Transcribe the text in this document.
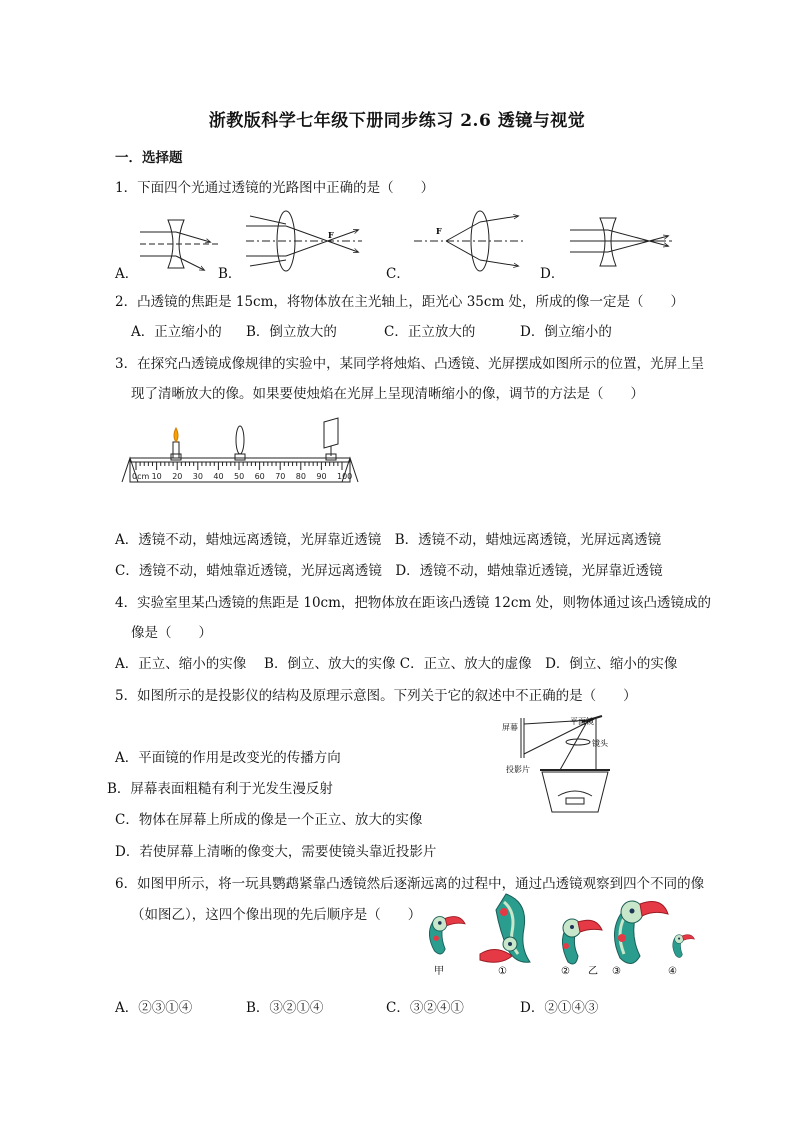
浙教版科学七年级下册同步练习 2.6 透镜与视觉
一．选择题
1．下面四个光通过透镜的光路图中正确的是（　　）
F	F
A．	B．	C．	D．
2．凸透镜的焦距是 15cm，将物体放在主光轴上，距光心 35cm 处，所成的像一定是（　　）
A．正立缩小的 B．倒立放大的	C．正立放大的	D．倒立缩小的
3．在探究凸透镜成像规律的实验中，某同学将烛焰、凸透镜、光屏摆成如图所示的位置，光屏上呈
现了清晰放大的像。如果要使烛焰在光屏上呈现清晰缩小的像，调节的方法是（　　）
0cm 10 20 30 40 50 60 70 80 90 100
A．透镜不动，蜡烛远离透镜，光屏靠近透镜　B．透镜不动，蜡烛远离透镜，光屏远离透镜
C．透镜不动，蜡烛靠近透镜，光屏远离透镜　D．透镜不动，蜡烛靠近透镜，光屏靠近透镜
4．实验室里某凸透镜的焦距是 10cm，把物体放在距该凸透镜 12cm 处，则物体通过该凸透镜成的
像是（　　）
A．正立、缩小的实像　 B．倒立、放大的实像 C．正立、放大的虚像　D．倒立、缩小的实像
5．如图所示的是投影仪的结构及原理示意图。下列关于它的叙述中不正确的是（　　）
A．平面镜的作用是改变光的传播方向
B．屏幕表面粗糙有利于光发生漫反射
C．物体在屏幕上所成的像是一个正立、放大的实像
D．若使屏幕上清晰的像变大，需要使镜头靠近投影片
屏幕
平面镜
镜头
投影片
6．如图甲所示，将一玩具鹦鹉紧靠凸透镜然后逐渐远离的过程中，通过凸透镜观察到四个不同的像
（如图乙），这四个像出现的先后顺序是（　　）
甲	①	② 乙 ③	④
A．②③①④	B．③②①④	C．③②④①	D．②①④③
